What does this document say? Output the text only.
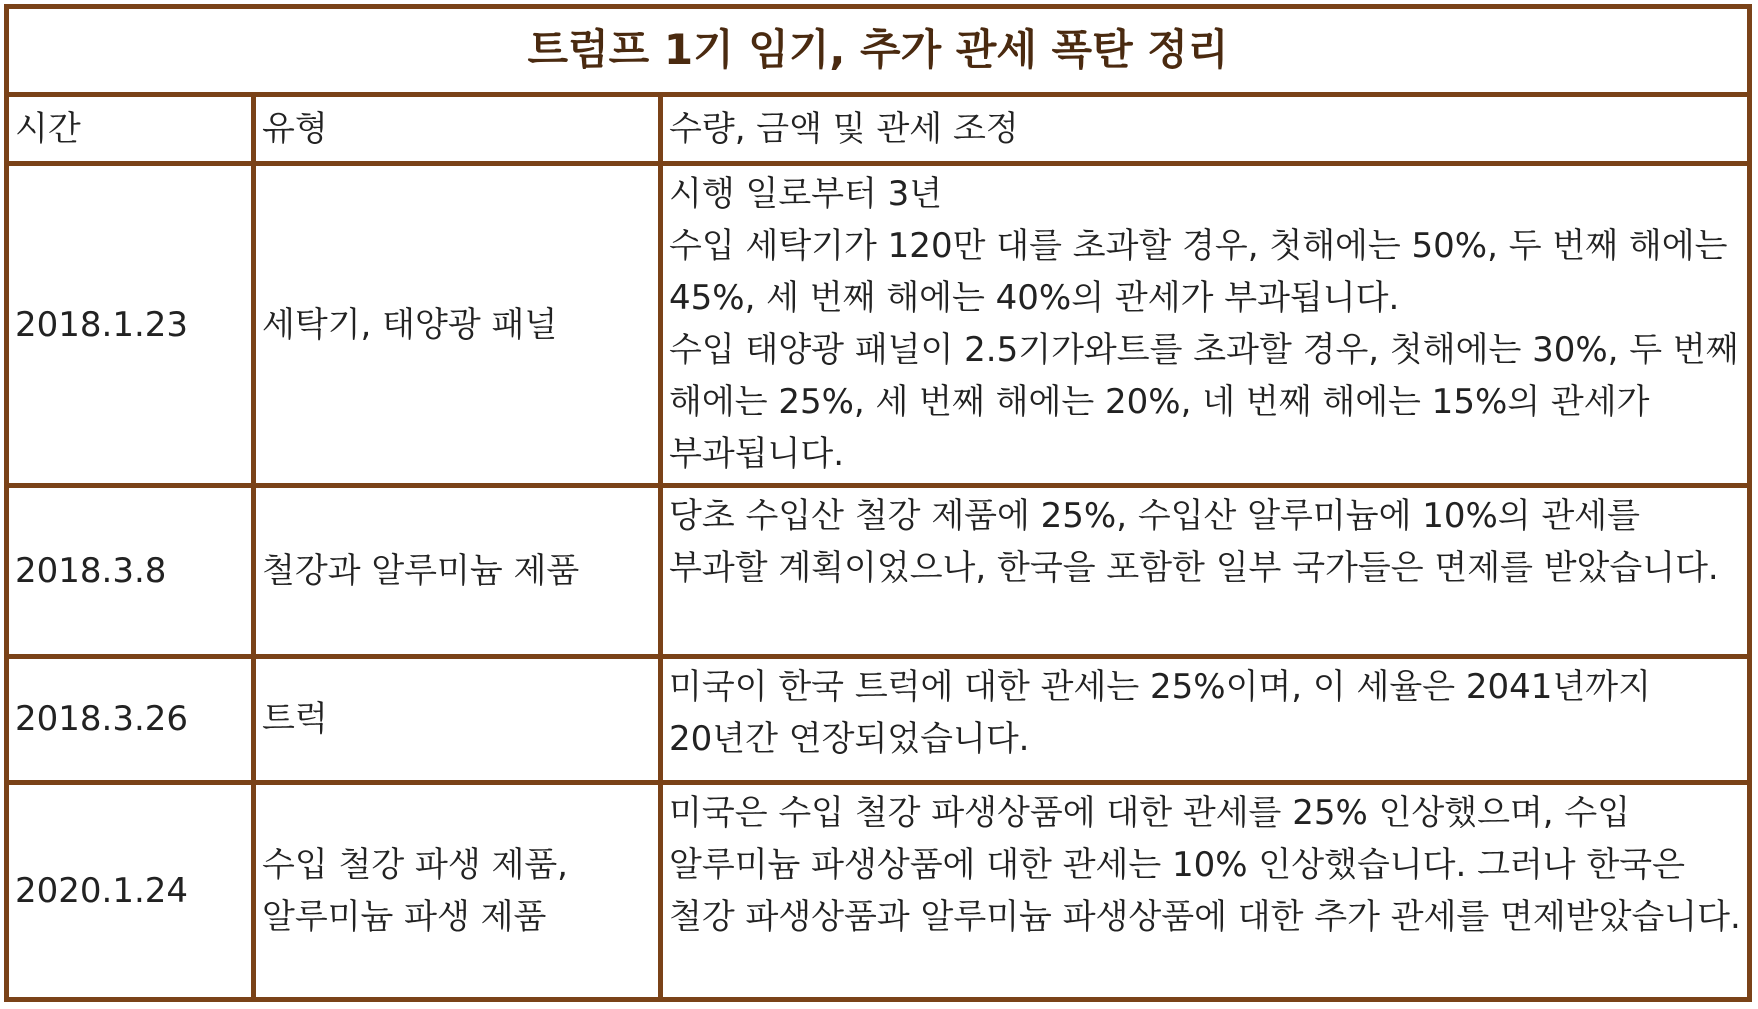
트럼프 1기 임기, 추가 관세 폭탄 정리		
시간	유형	수량, 금액 및 관세 조정
2018.1.23	세탁기, 태양광 패널	시행 일로부터 3년
수입 세탁기가 120만 대를 초과할 경우, 첫해에는 50%, 두 번째 해에는 45%, 세 번째 해에는 40%의 관세가 부과됩니다.
수입 태양광 패널이 2.5기가와트를 초과할 경우, 첫해에는 30%, 두 번째 해에는 25%, 세 번째 해에는 20%, 네 번째 해에는 15%의 관세가 부과됩니다.

2018.3.8	철강과 알루미늄 제품	당초 수입산 철강 제품에 25%, 수입산 알루미늄에 10%의 관세를 부과할 계획이었으나, 한국을 포함한 일부 국가들은 면제를 받았습니다.

2018.3.26	트럭	미국이 한국 트럭에 대한 관세는 25%이며, 이 세율은 2041년까지 20년간 연장되었습니다.

2020.1.24	수입 철강 파생 제품, 알루미늄 파생 제품	미국은 수입 철강 파생상품에 대한 관세를 25% 인상했으며, 수입 알루미늄 파생상품에 대한 관세는 10% 인상했습니다. 그러나 한국은 철강 파생상품과 알루미늄 파생상품에 대한 추가 관세를 면제받았습니다.
